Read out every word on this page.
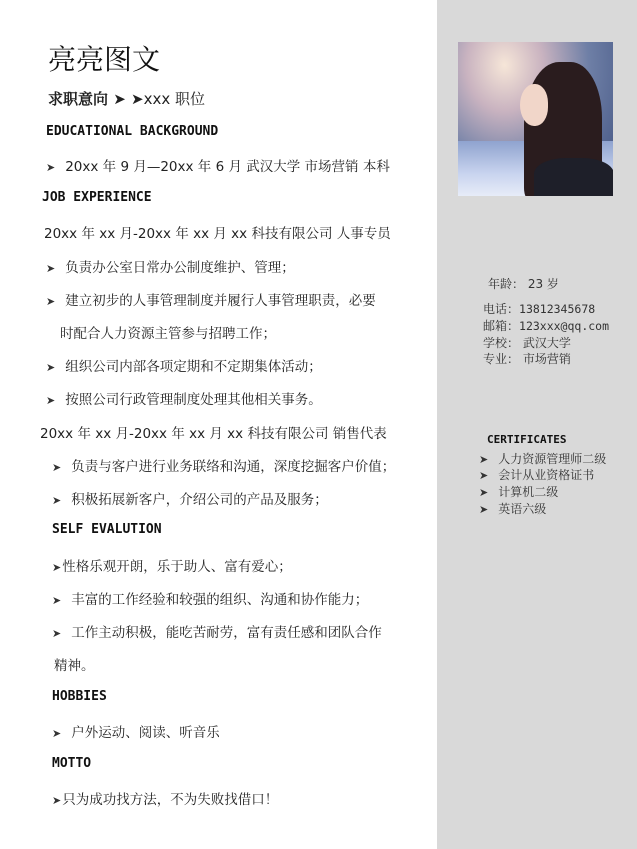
年龄： 23 岁
电话：13812345678
邮箱：123xxx@qq.com
学校： 武汉大学
专业： 市场营销
CERTIFICATES
➤ 人力资源管理师二级
➤ 会计从业资格证书
➤ 计算机二级
➤ 英语六级
亮亮图文
求职意向 ➤ ➤xxx 职位
EDUCATIONAL BACKGROUND
➤ 20xx 年 9 月—20xx 年 6 月 武汉大学 市场营销 本科
JOB EXPERIENCE
20xx 年 xx 月-20xx 年 xx 月 xx 科技有限公司 人事专员
➤ 负责办公室日常办公制度维护、管理；
➤ 建立初步的人事管理制度并履行人事管理职责，必要
时配合人力资源主管参与招聘工作；
➤ 组织公司内部各项定期和不定期集体活动；
➤ 按照公司行政管理制度处理其他相关事务。
20xx 年 xx 月-20xx 年 xx 月 xx 科技有限公司 销售代表
➤ 负责与客户进行业务联络和沟通，深度挖掘客户价值；
➤ 积极拓展新客户，介绍公司的产品及服务；
SELF EVALUTION
➤性格乐观开朗，乐于助人、富有爱心；
➤ 丰富的工作经验和较强的组织、沟通和协作能力；
➤ 工作主动积极，能吃苦耐劳，富有责任感和团队合作
精神。
HOBBIES
➤ 户外运动、阅读、听音乐
MOTTO
➤只为成功找方法，不为失败找借口！
